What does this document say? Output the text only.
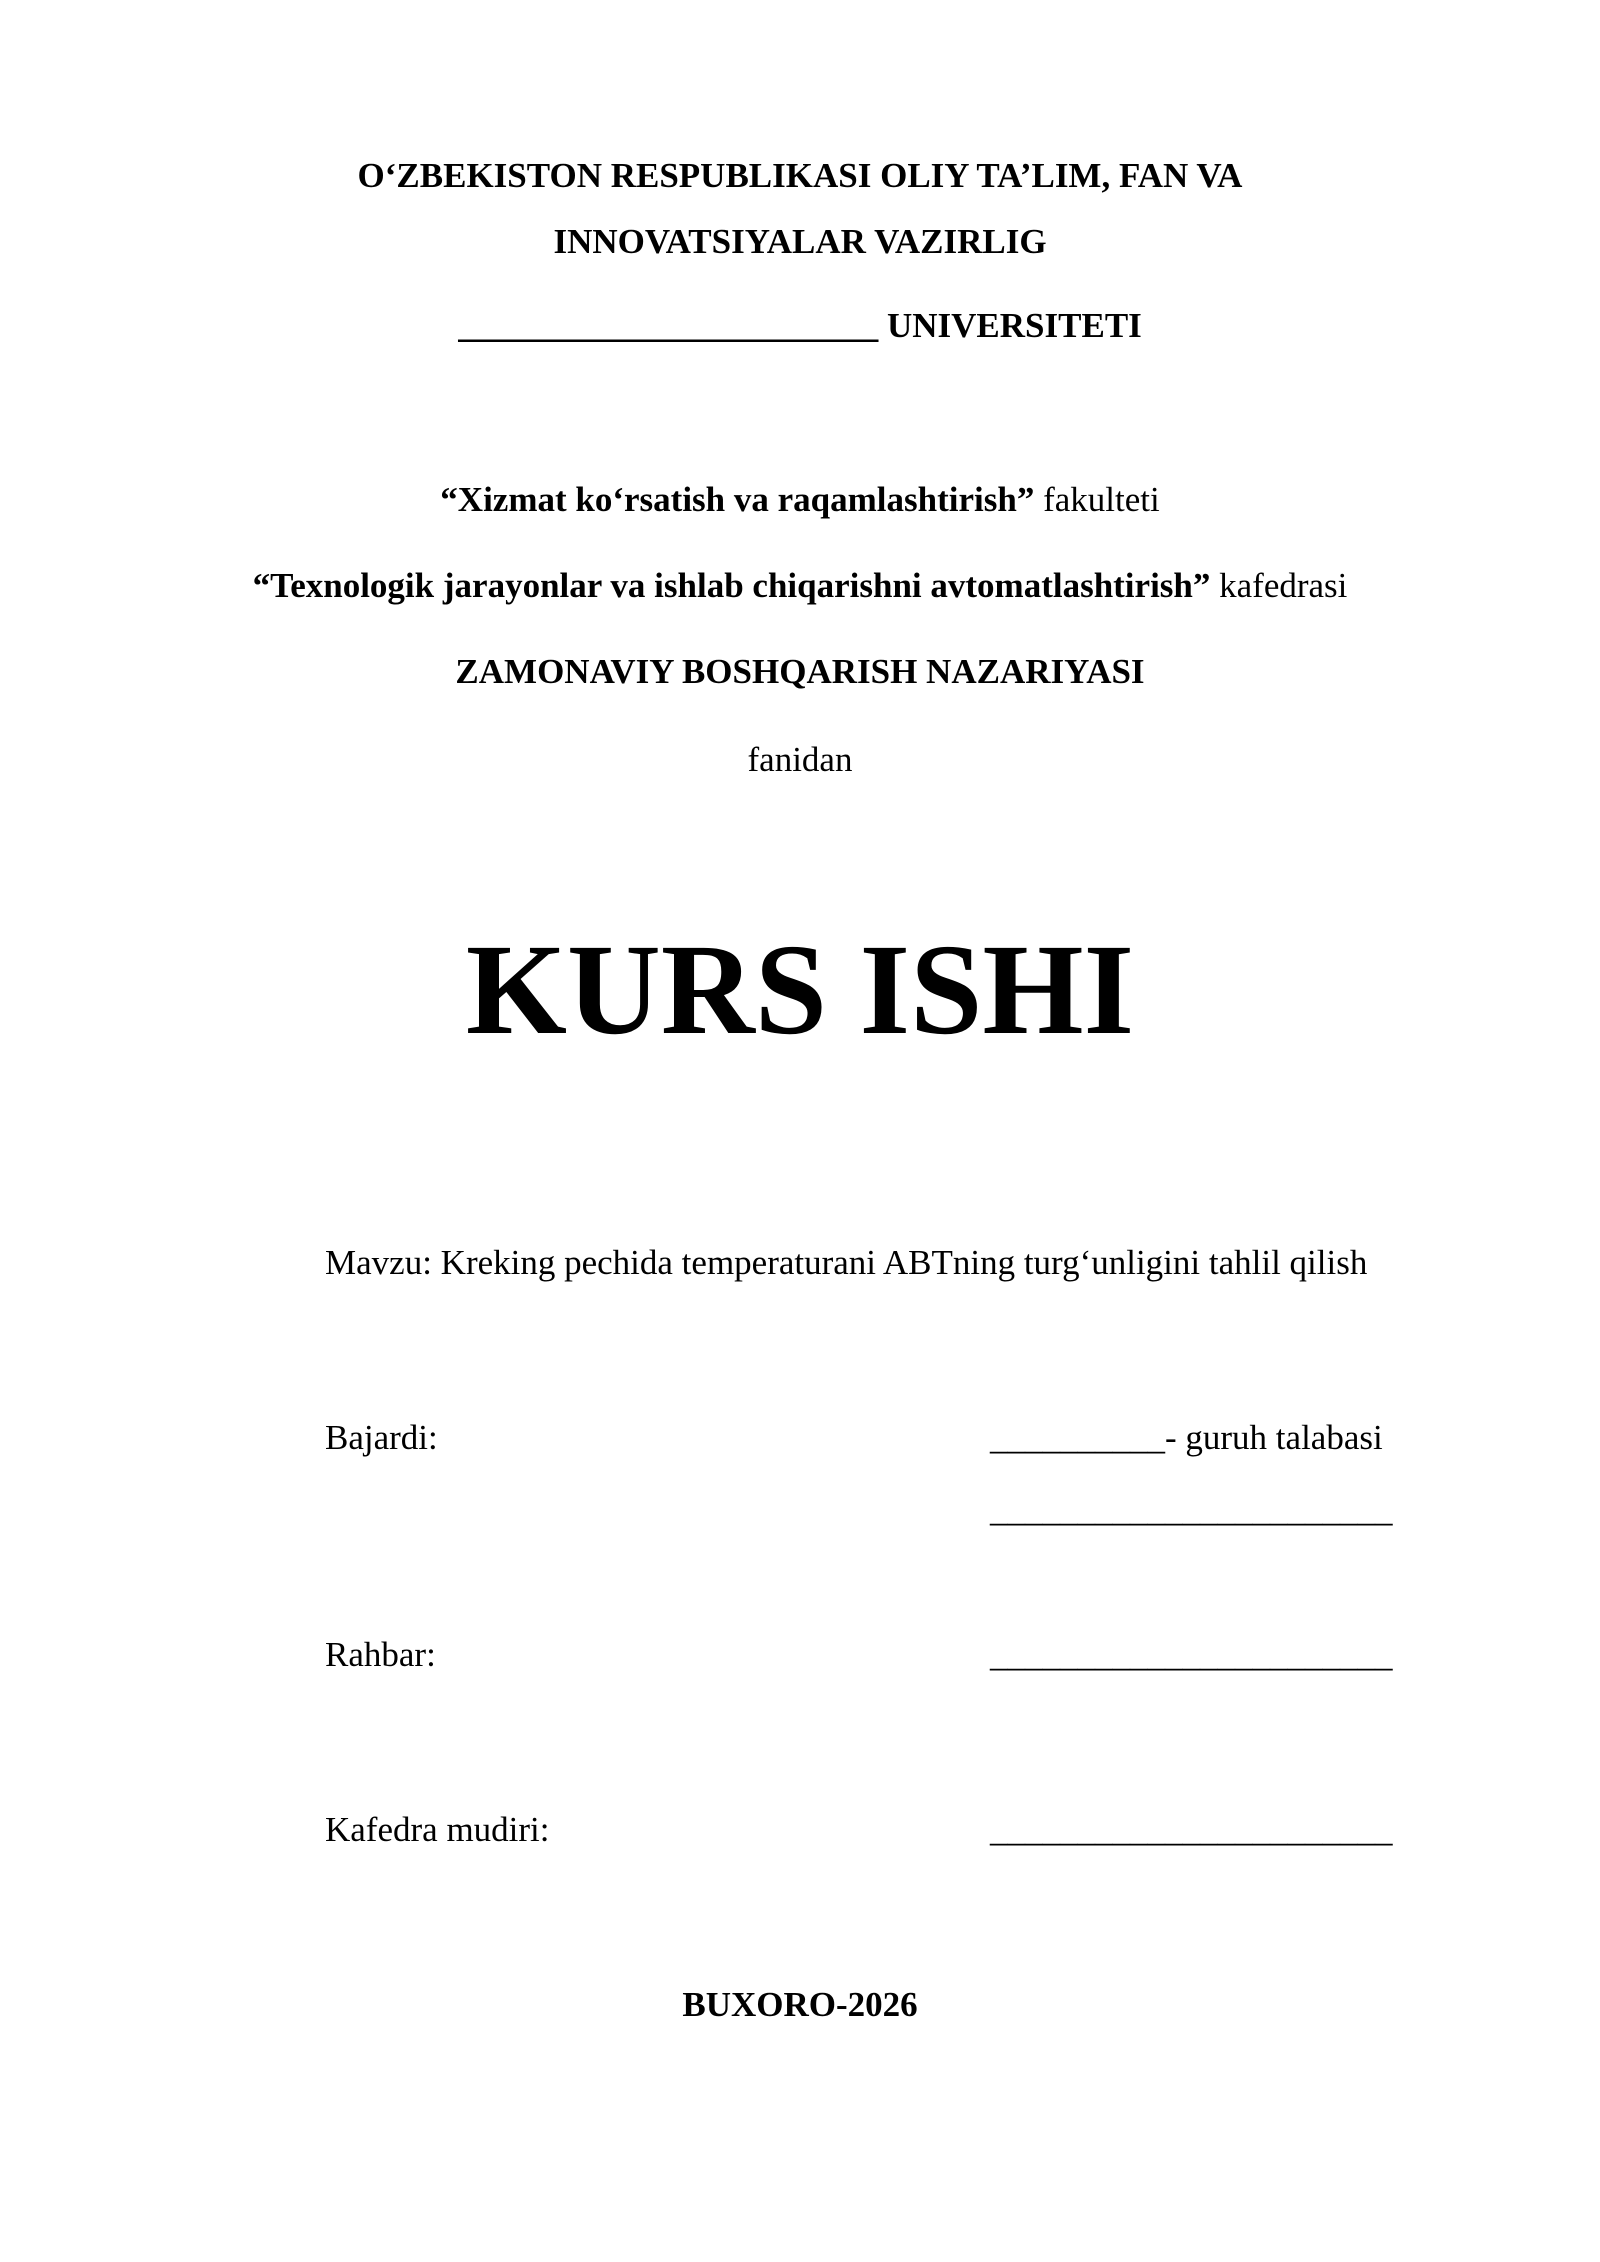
O‘ZBEKISTON RESPUBLIKASI OLIY TA’LIM, FAN VA
INNOVATSIYALAR VAZIRLIG
________________________ UNIVERSITETI
“Xizmat ko‘rsatish va raqamlashtirish” fakulteti
“Texnologik jarayonlar va ishlab chiqarishni avtomatlashtirish” kafedrasi
ZAMONAVIY BOSHQARISH NAZARIYASI
fanidan
KURS ISHI
Mavzu: Kreking pechida temperaturani ABTning turg‘unligini tahlil qilish
Bajardi:	__________- guruh talabasi
_______________________
Rahbar:	_______________________
Kafedra mudiri:	_______________________
BUXORO-2026
